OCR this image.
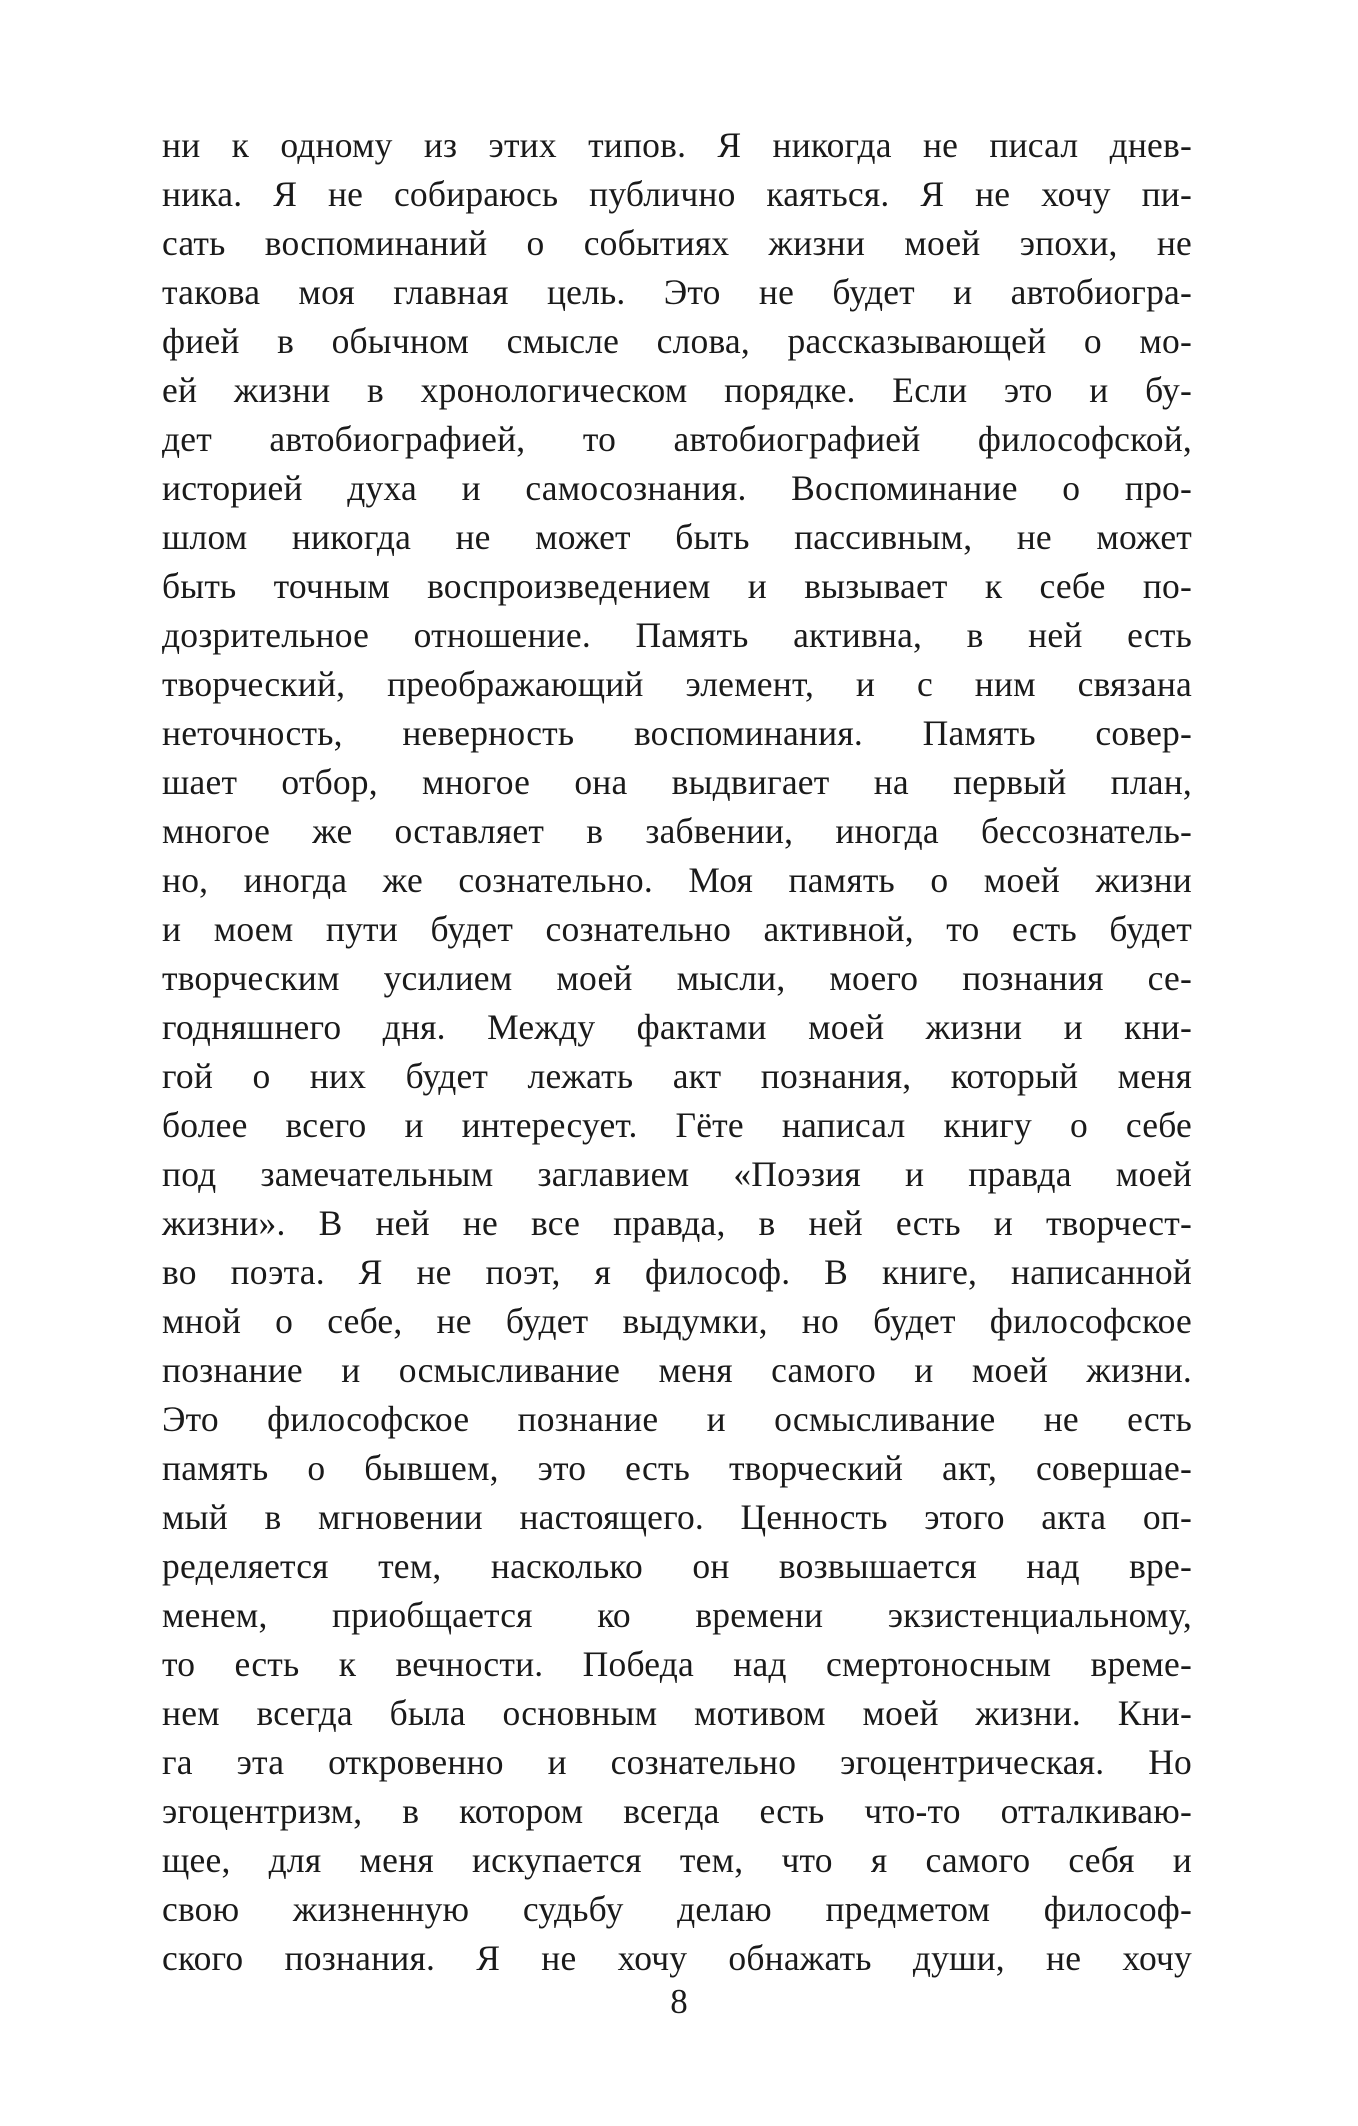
ни к одному из этих типов. Я никогда не писал днев-
ника. Я не собираюсь публично каяться. Я не хочу пи-
сать воспоминаний о событиях жизни моей эпохи, не
такова моя главная цель. Это не будет и автобиогра-
фией в обычном смысле слова, рассказывающей о мо-
ей жизни в хронологическом порядке. Если это и бу-
дет автобиографией, то автобиографией философской,
историей духа и самосознания. Воспоминание о про-
шлом никогда не может быть пассивным, не может
быть точным воспроизведением и вызывает к себе по-
дозрительное отношение. Память активна, в ней есть
творческий, преображающий элемент, и с ним связана
неточность, неверность воспоминания. Память совер-
шает отбор, многое она выдвигает на первый план,
многое же оставляет в забвении, иногда бессознатель-
но, иногда же сознательно. Моя память о моей жизни
и моем пути будет сознательно активной, то есть будет
творческим усилием моей мысли, моего познания се-
годняшнего дня. Между фактами моей жизни и кни-
гой о них будет лежать акт познания, который меня
более всего и интересует. Гёте написал книгу о себе
под замечательным заглавием «Поэзия и правда моей
жизни». В ней не все правда, в ней есть и творчест-
во поэта. Я не поэт, я философ. В книге, написанной
мной о себе, не будет выдумки, но будет философское
познание и осмысливание меня самого и моей жизни.
Это философское познание и осмысливание не есть
память о бывшем, это есть творческий акт, совершае-
мый в мгновении настоящего. Ценность этого акта оп-
ределяется тем, насколько он возвышается над вре-
менем, приобщается ко времени экзистенциальному,
то есть к вечности. Победа над смертоносным време-
нем всегда была основным мотивом моей жизни. Кни-
га эта откровенно и сознательно эгоцентрическая. Но
эгоцентризм, в котором всегда есть что-то отталкиваю-
щее, для меня искупается тем, что я самого себя и
свою жизненную судьбу делаю предметом философ-
ского познания. Я не хочу обнажать души, не хочу
8
